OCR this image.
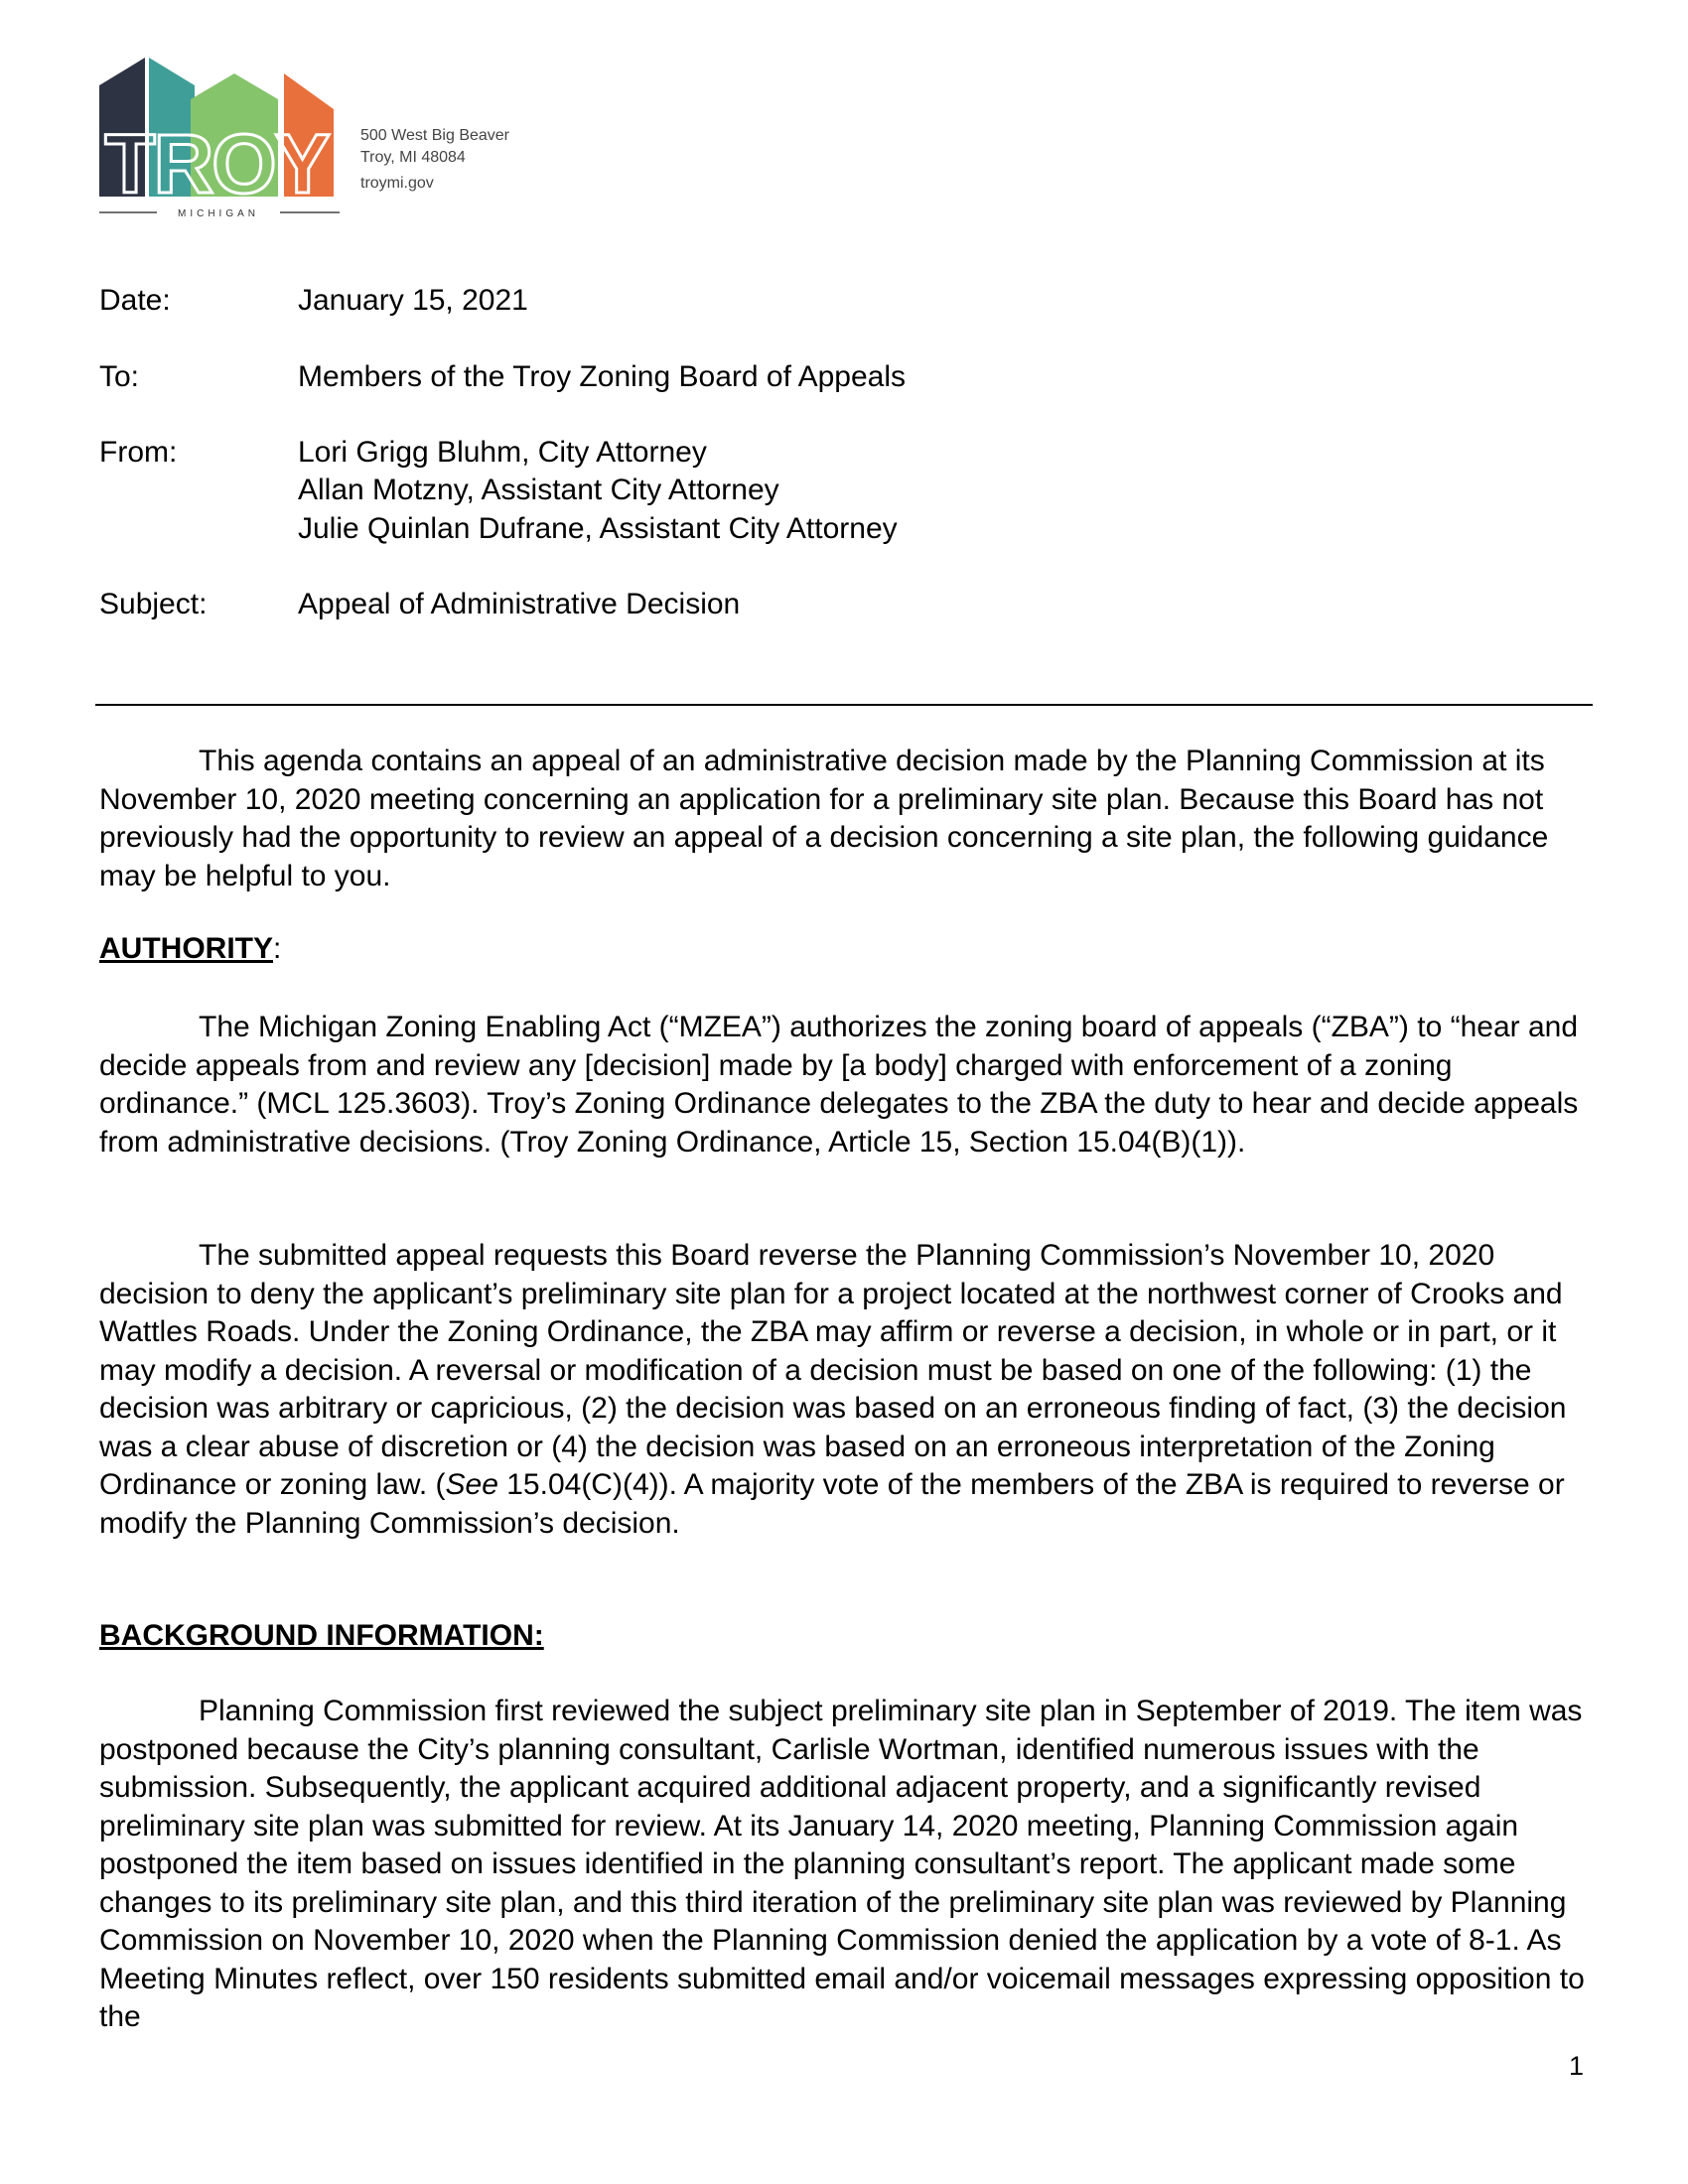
TROY
MICHIGAN
500 West Big Beaver
Troy, MI 48084
troymi.gov
Date:	January 15, 2021
To:	Members of the Troy Zoning Board of Appeals
From:	Lori Grigg Bluhm, City Attorney
Allan Motzny, Assistant City Attorney
Julie Quinlan Dufrane, Assistant City Attorney
Subject:	Appeal of Administrative Decision

This agenda contains an appeal of an administrative decision made by the Planning Commission at its November 10, 2020 meeting concerning an application for a preliminary site plan. Because this Board has not previously had the opportunity to review an appeal of a decision concerning a site plan, the following guidance may be helpful to you.

AUTHORITY:

The Michigan Zoning Enabling Act (“MZEA”) authorizes the zoning board of appeals (“ZBA”) to “hear and decide appeals from and review any [decision] made by [a body] charged with enforcement of a zoning ordinance.” (MCL 125.3603). Troy’s Zoning Ordinance delegates to the ZBA the duty to hear and decide appeals from administrative decisions. (Troy Zoning Ordinance, Article 15, Section 15.04(B)(1)).

The submitted appeal requests this Board reverse the Planning Commission’s November 10, 2020 decision to deny the applicant’s preliminary site plan for a project located at the northwest corner of Crooks and Wattles Roads. Under the Zoning Ordinance, the ZBA may affirm or reverse a decision, in whole or in part, or it may modify a decision. A reversal or modification of a decision must be based on one of the following: (1) the decision was arbitrary or capricious, (2) the decision was based on an erroneous finding of fact, (3) the decision was a clear abuse of discretion or (4) the decision was based on an erroneous interpretation of the Zoning Ordinance or zoning law. (See 15.04(C)(4)). A majority vote of the members of the ZBA is required to reverse or modify the Planning Commission’s decision.

BACKGROUND INFORMATION:

Planning Commission first reviewed the subject preliminary site plan in September of 2019. The item was postponed because the City’s planning consultant, Carlisle Wortman, identified numerous issues with the submission. Subsequently, the applicant acquired additional adjacent property, and a significantly revised preliminary site plan was submitted for review. At its January 14, 2020 meeting, Planning Commission again postponed the item based on issues identified in the planning consultant’s report. The applicant made some changes to its preliminary site plan, and this third iteration of the preliminary site plan was reviewed by Planning Commission on November 10, 2020 when the Planning Commission denied the application by a vote of 8-1. As Meeting Minutes reflect, over 150 residents submitted email and/or voicemail messages expressing opposition to the

1
